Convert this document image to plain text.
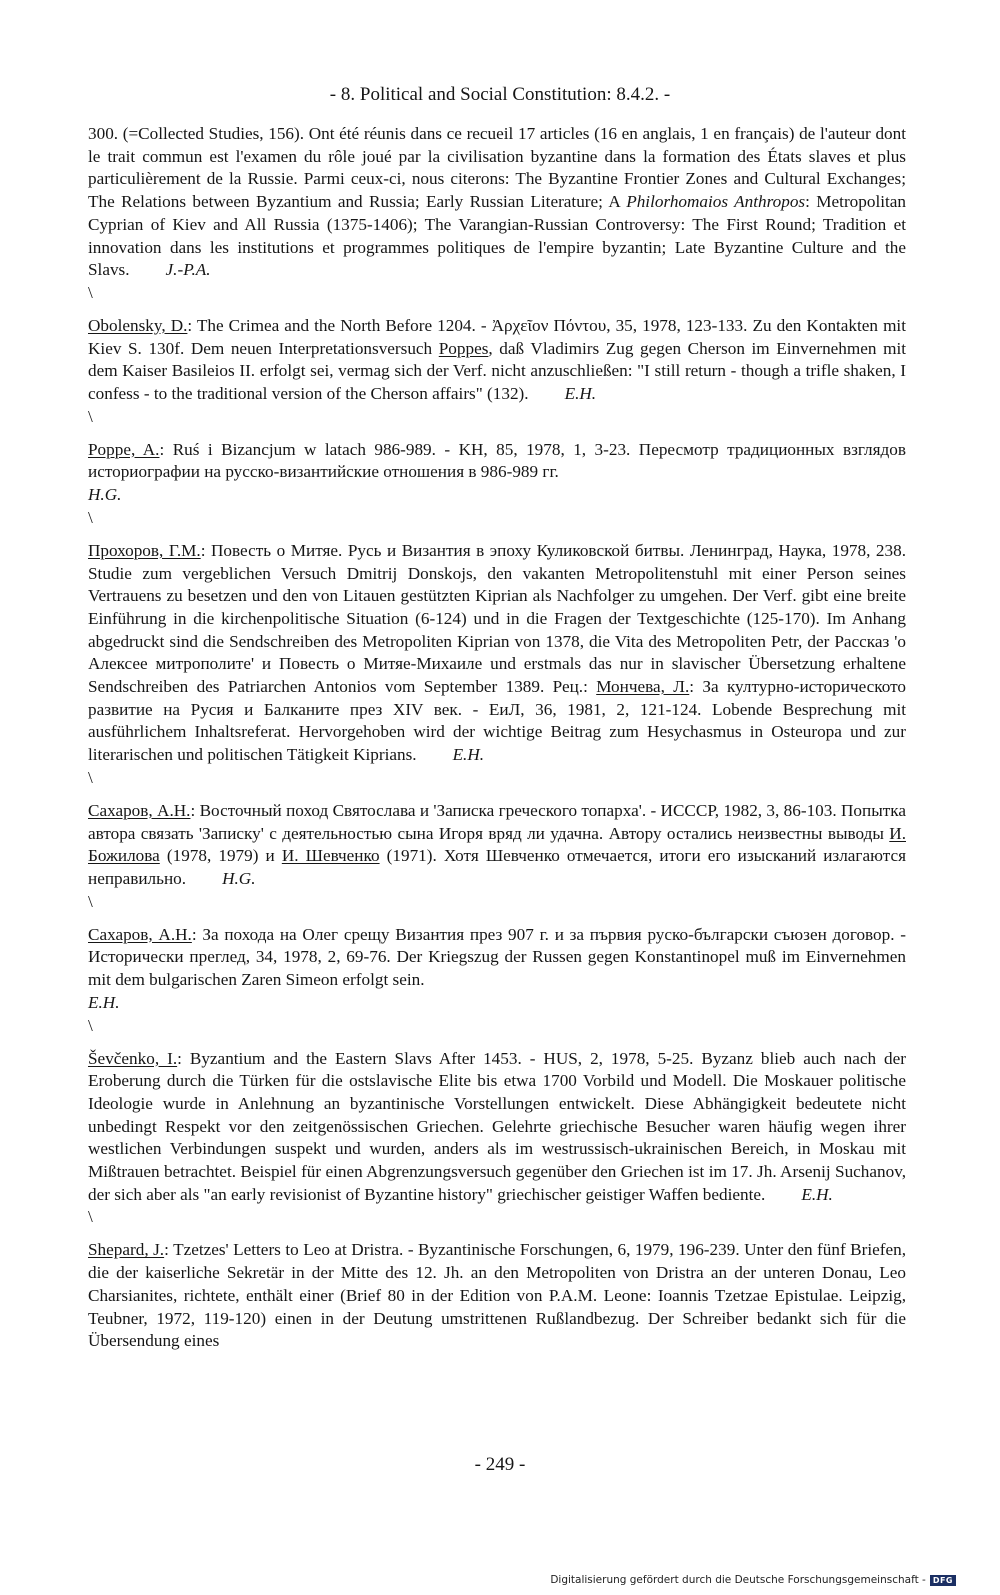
- 8. Political and Social Constitution: 8.4.2. -

300. (=Collected Studies, 156). Ont été réunis dans ce recueil 17 articles (16 en anglais, 1 en français) de l'auteur dont le trait commun est l'examen du rôle joué par la civilisation byzantine dans la formation des États slaves et plus particulièrement de la Russie. Parmi ceux-ci, nous citerons: The Byzantine Frontier Zones and Cultural Exchanges; The Relations between Byzantium and Russia; Early Russian Literature; A Philorhomaios Anthropos: Metropolitan Cyprian of Kiev and All Russia (1375-1406); The Varangian-Russian Controversy: The First Round; Tradition et innovation dans les institutions et programmes politiques de l'empire byzantin; Late Byzantine Culture and the Slavs. J.-P.A.

\

Obolensky, D.: The Crimea and the North Before 1204. - Ἀρχεῖον Πόντου, 35, 1978, 123-133. Zu den Kontakten mit Kiev S. 130f. Dem neuen Interpretationsversuch Poppes, daß Vladimirs Zug gegen Cherson im Einvernehmen mit dem Kaiser Basileios II. erfolgt sei, vermag sich der Verf. nicht anzuschließen: "I still return - though a trifle shaken, I confess - to the traditional version of the Cherson affairs" (132). E.H.

\

Poppe, A.: Ruś i Bizancjum w latach 986-989. - KH, 85, 1978, 1, 3-23. Пересмотр традиционных взглядов историографии на русско-византийские отношения в 986-989 гг.
H.G.

\

Прохоров, Г.М.: Повесть о Митяе. Русь и Византия в эпоху Куликовской битвы. Ленинград, Наука, 1978, 238. Studie zum vergeblichen Versuch Dmitrij Donskojs, den vakanten Metropolitenstuhl mit einer Person seines Vertrauens zu besetzen und den von Litauen gestützten Kiprian als Nachfolger zu umgehen. Der Verf. gibt eine breite Einführung in die kirchenpolitische Situation (6-124) und in die Fragen der Textgeschichte (125-170). Im Anhang abgedruckt sind die Sendschreiben des Metropoliten Kiprian von 1378, die Vita des Metropoliten Petr, der Рассказ 'о Алексее митрополите' и Повесть о Митяе-Михаиле und erstmals das nur in slavischer Übersetzung erhaltene Sendschreiben des Patriarchen Antonios vom September 1389. Рец.: Мончева, Л.: За културно-историческото развитие на Русия и Балканите през XIV век. - ЕиЛ, 36, 1981, 2, 121-124. Lobende Besprechung mit ausführlichem Inhaltsreferat. Hervorgehoben wird der wichtige Beitrag zum Hesychasmus in Osteuropa und zur literarischen und politischen Tätigkeit Kiprians. E.H.

\

Сахаров, А.Н.: Восточный поход Святослава и 'Записка греческого топарха'. - ИСССР, 1982, 3, 86-103. Попытка автора связать 'Записку' с деятельностью сына Игоря вряд ли удачна. Автору остались неизвестны выводы И. Божилова (1978, 1979) и И. Шевченко (1971). Хотя Шевченко отмечается, итоги его изысканий излагаются неправильно. H.G.

\

Сахаров, А.Н.: За похода на Олег срещу Византия през 907 г. и за първия руско-български съюзен договор. - Исторически преглед, 34, 1978, 2, 69-76. Der Kriegszug der Russen gegen Konstantinopel muß im Einvernehmen mit dem bulgarischen Zaren Simeon erfolgt sein.
E.H.

\

Ševčenko, I.: Byzantium and the Eastern Slavs After 1453. - HUS, 2, 1978, 5-25. Byzanz blieb auch nach der Eroberung durch die Türken für die ostslavische Elite bis etwa 1700 Vorbild und Modell. Die Moskauer politische Ideologie wurde in Anlehnung an byzantinische Vorstellungen entwickelt. Diese Abhängigkeit bedeutete nicht unbedingt Respekt vor den zeitgenössischen Griechen. Gelehrte griechische Besucher waren häufig wegen ihrer westlichen Verbindungen suspekt und wurden, anders als im westrussisch-ukrainischen Bereich, in Moskau mit Mißtrauen betrachtet. Beispiel für einen Abgrenzungsversuch gegenüber den Griechen ist im 17. Jh. Arsenij Suchanov, der sich aber als "an early revisionist of Byzantine history" griechischer geistiger Waffen bediente. E.H.

\

Shepard, J.: Tzetzes' Letters to Leo at Dristra. - Byzantinische Forschungen, 6, 1979, 196-239. Unter den fünf Briefen, die der kaiserliche Sekretär in der Mitte des 12. Jh. an den Metropoliten von Dristra an der unteren Donau, Leo Charsianites, richtete, enthält einer (Brief 80 in der Edition von P.A.M. Leone: Ioannis Tzetzae Epistulae. Leipzig, Teubner, 1972, 119-120) einen in der Deutung umstrittenen Rußlandbezug. Der Schreiber bedankt sich für die Übersendung eines

- 249 -
Digitalisierung gefördert durch die Deutsche Forschungsgemeinschaft - DFG
